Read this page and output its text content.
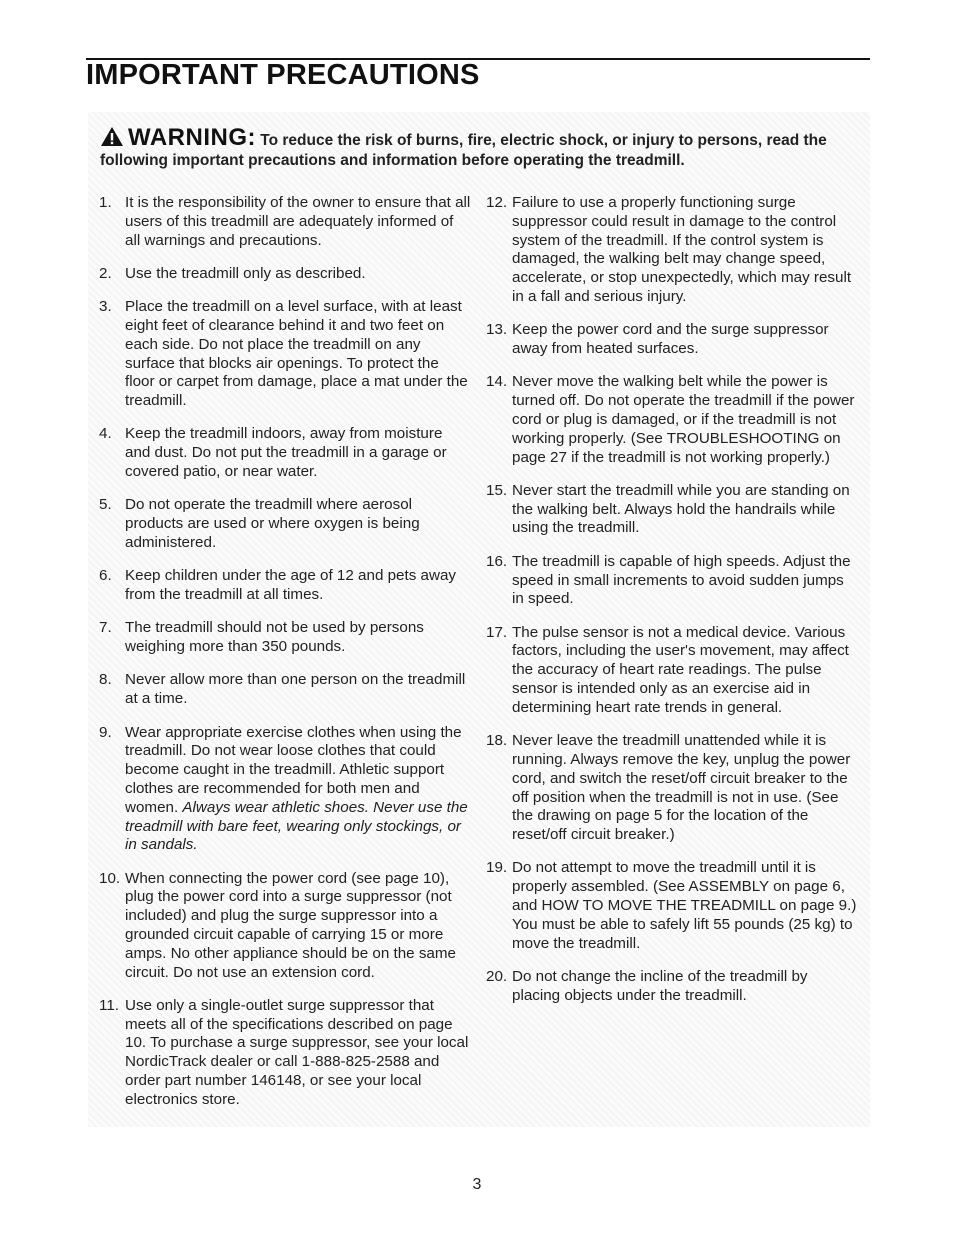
IMPORTANT PRECAUTIONS
WARNING: To reduce the risk of burns, fire, electric shock, or injury to persons, read the following important precautions and information before operating the treadmill.
1. It is the responsibility of the owner to ensure that all users of this treadmill are adequately informed of all warnings and precautions.
2. Use the treadmill only as described.
3. Place the treadmill on a level surface, with at least eight feet of clearance behind it and two feet on each side. Do not place the treadmill on any surface that blocks air openings. To protect the floor or carpet from damage, place a mat under the treadmill.
4. Keep the treadmill indoors, away from moisture and dust. Do not put the treadmill in a garage or covered patio, or near water.
5. Do not operate the treadmill where aerosol products are used or where oxygen is being administered.
6. Keep children under the age of 12 and pets away from the treadmill at all times.
7. The treadmill should not be used by persons weighing more than 350 pounds.
8. Never allow more than one person on the treadmill at a time.
9. Wear appropriate exercise clothes when using the treadmill. Do not wear loose clothes that could become caught in the treadmill. Athletic support clothes are recommended for both men and women. Always wear athletic shoes. Never use the treadmill with bare feet, wearing only stockings, or in sandals.
10. When connecting the power cord (see page 10), plug the power cord into a surge suppressor (not included) and plug the surge suppressor into a grounded circuit capable of carrying 15 or more amps. No other appliance should be on the same circuit. Do not use an extension cord.
11. Use only a single-outlet surge suppressor that meets all of the specifications described on page 10. To purchase a surge suppressor, see your local NordicTrack dealer or call 1-888-825-2588 and order part number 146148, or see your local electronics store.
12. Failure to use a properly functioning surge suppressor could result in damage to the control system of the treadmill. If the control system is damaged, the walking belt may change speed, accelerate, or stop unexpectedly, which may result in a fall and serious injury.
13. Keep the power cord and the surge suppressor away from heated surfaces.
14. Never move the walking belt while the power is turned off. Do not operate the treadmill if the power cord or plug is damaged, or if the treadmill is not working properly. (See TROUBLESHOOTING on page 27 if the treadmill is not working properly.)
15. Never start the treadmill while you are standing on the walking belt. Always hold the handrails while using the treadmill.
16. The treadmill is capable of high speeds. Adjust the speed in small increments to avoid sudden jumps in speed.
17. The pulse sensor is not a medical device. Various factors, including the user's movement, may affect the accuracy of heart rate readings. The pulse sensor is intended only as an exercise aid in determining heart rate trends in general.
18. Never leave the treadmill unattended while it is running. Always remove the key, unplug the power cord, and switch the reset/off circuit breaker to the off position when the treadmill is not in use. (See the drawing on page 5 for the location of the reset/off circuit breaker.)
19. Do not attempt to move the treadmill until it is properly assembled. (See ASSEMBLY on page 6, and HOW TO MOVE THE TREADMILL on page 9.) You must be able to safely lift 55 pounds (25 kg) to move the treadmill.
20. Do not change the incline of the treadmill by placing objects under the treadmill.
3
